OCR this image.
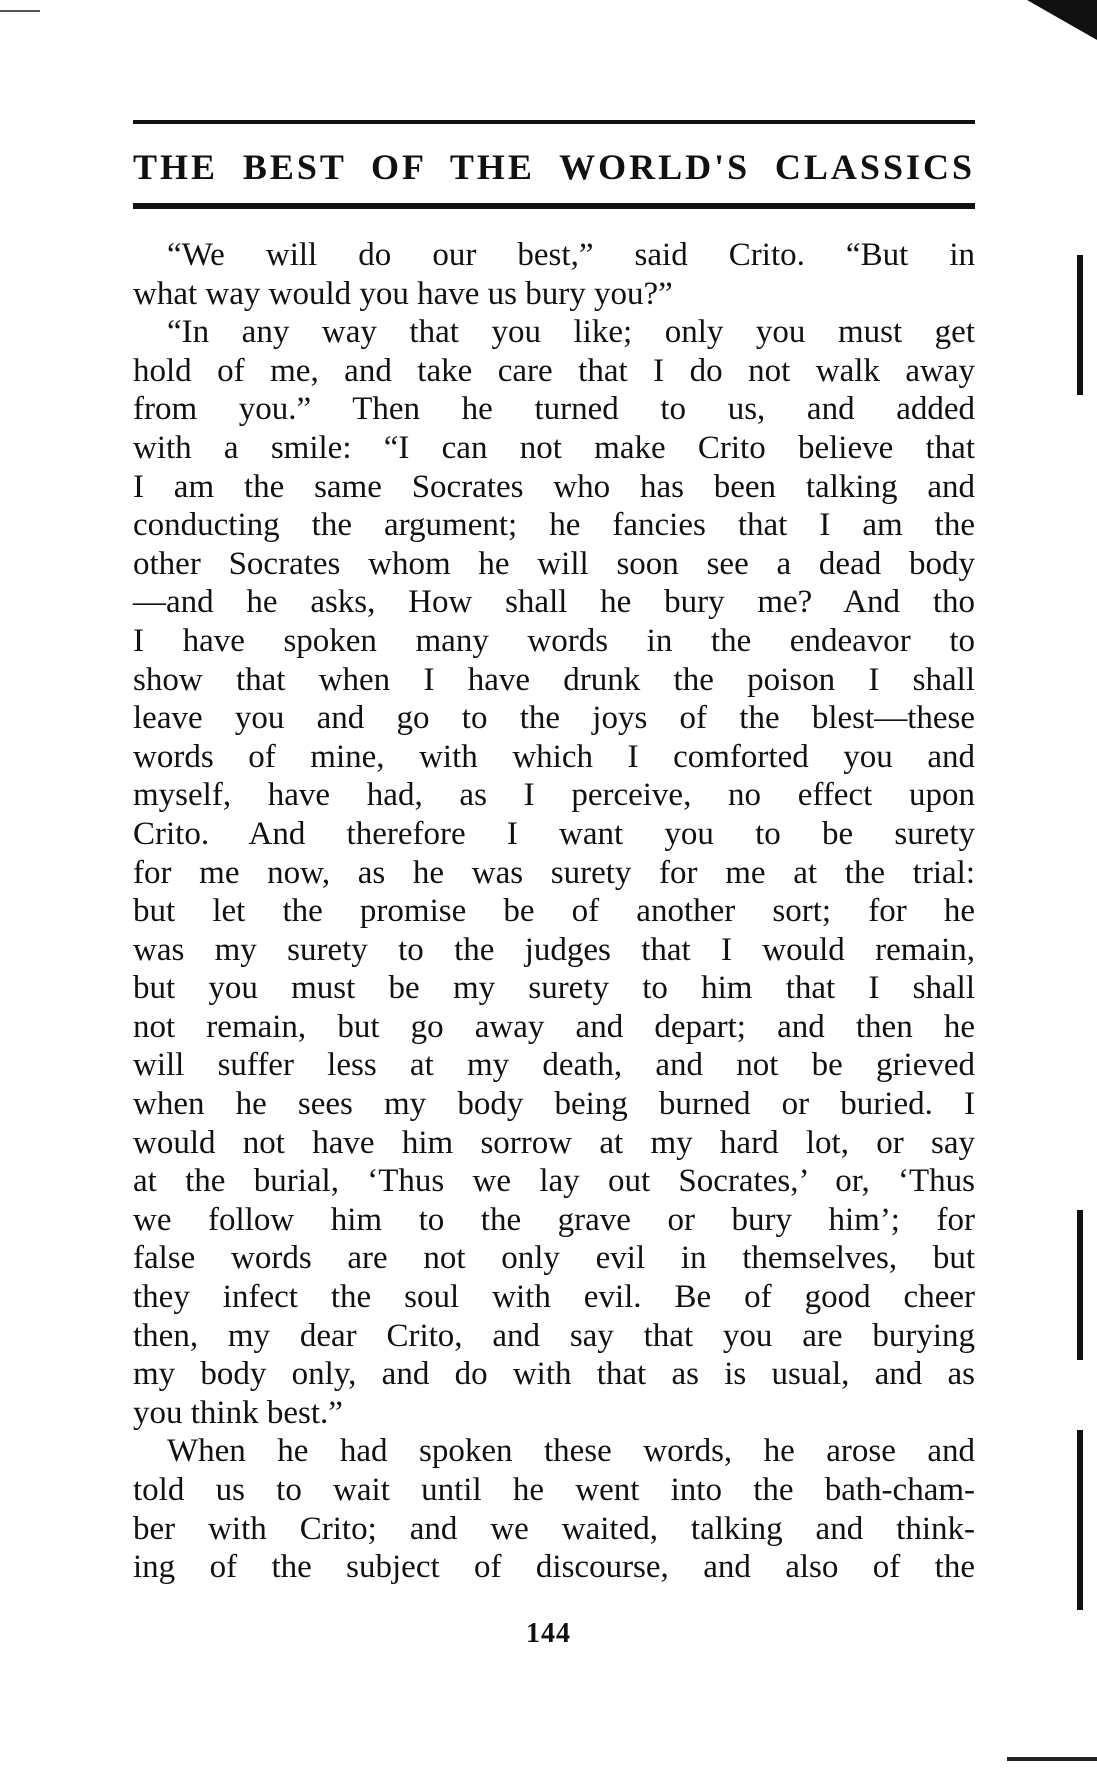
THE BEST OF THE WORLD'S CLASSICS
“We will do our best,” said Crito. “But in
what way would you have us bury you?”
“In any way that you like; only you must get
hold of me, and take care that I do not walk away
from you.” Then he turned to us, and added
with a smile: “I can not make Crito believe that
I am the same Socrates who has been talking and
conducting the argument; he fancies that I am the
other Socrates whom he will soon see a dead body
—and he asks, How shall he bury me? And tho
I have spoken many words in the endeavor to
show that when I have drunk the poison I shall
leave you and go to the joys of the blest—these
words of mine, with which I comforted you and
myself, have had, as I perceive, no effect upon
Crito. And therefore I want you to be surety
for me now, as he was surety for me at the trial:
but let the promise be of another sort; for he
was my surety to the judges that I would remain,
but you must be my surety to him that I shall
not remain, but go away and depart; and then he
will suffer less at my death, and not be grieved
when he sees my body being burned or buried. I
would not have him sorrow at my hard lot, or say
at the burial, ‘Thus we lay out Socrates,’ or, ‘Thus
we follow him to the grave or bury him’; for
false words are not only evil in themselves, but
they infect the soul with evil. Be of good cheer
then, my dear Crito, and say that you are burying
my body only, and do with that as is usual, and as
you think best.”
When he had spoken these words, he arose and
told us to wait until he went into the bath-cham-
ber with Crito; and we waited, talking and think-
ing of the subject of discourse, and also of the
144
